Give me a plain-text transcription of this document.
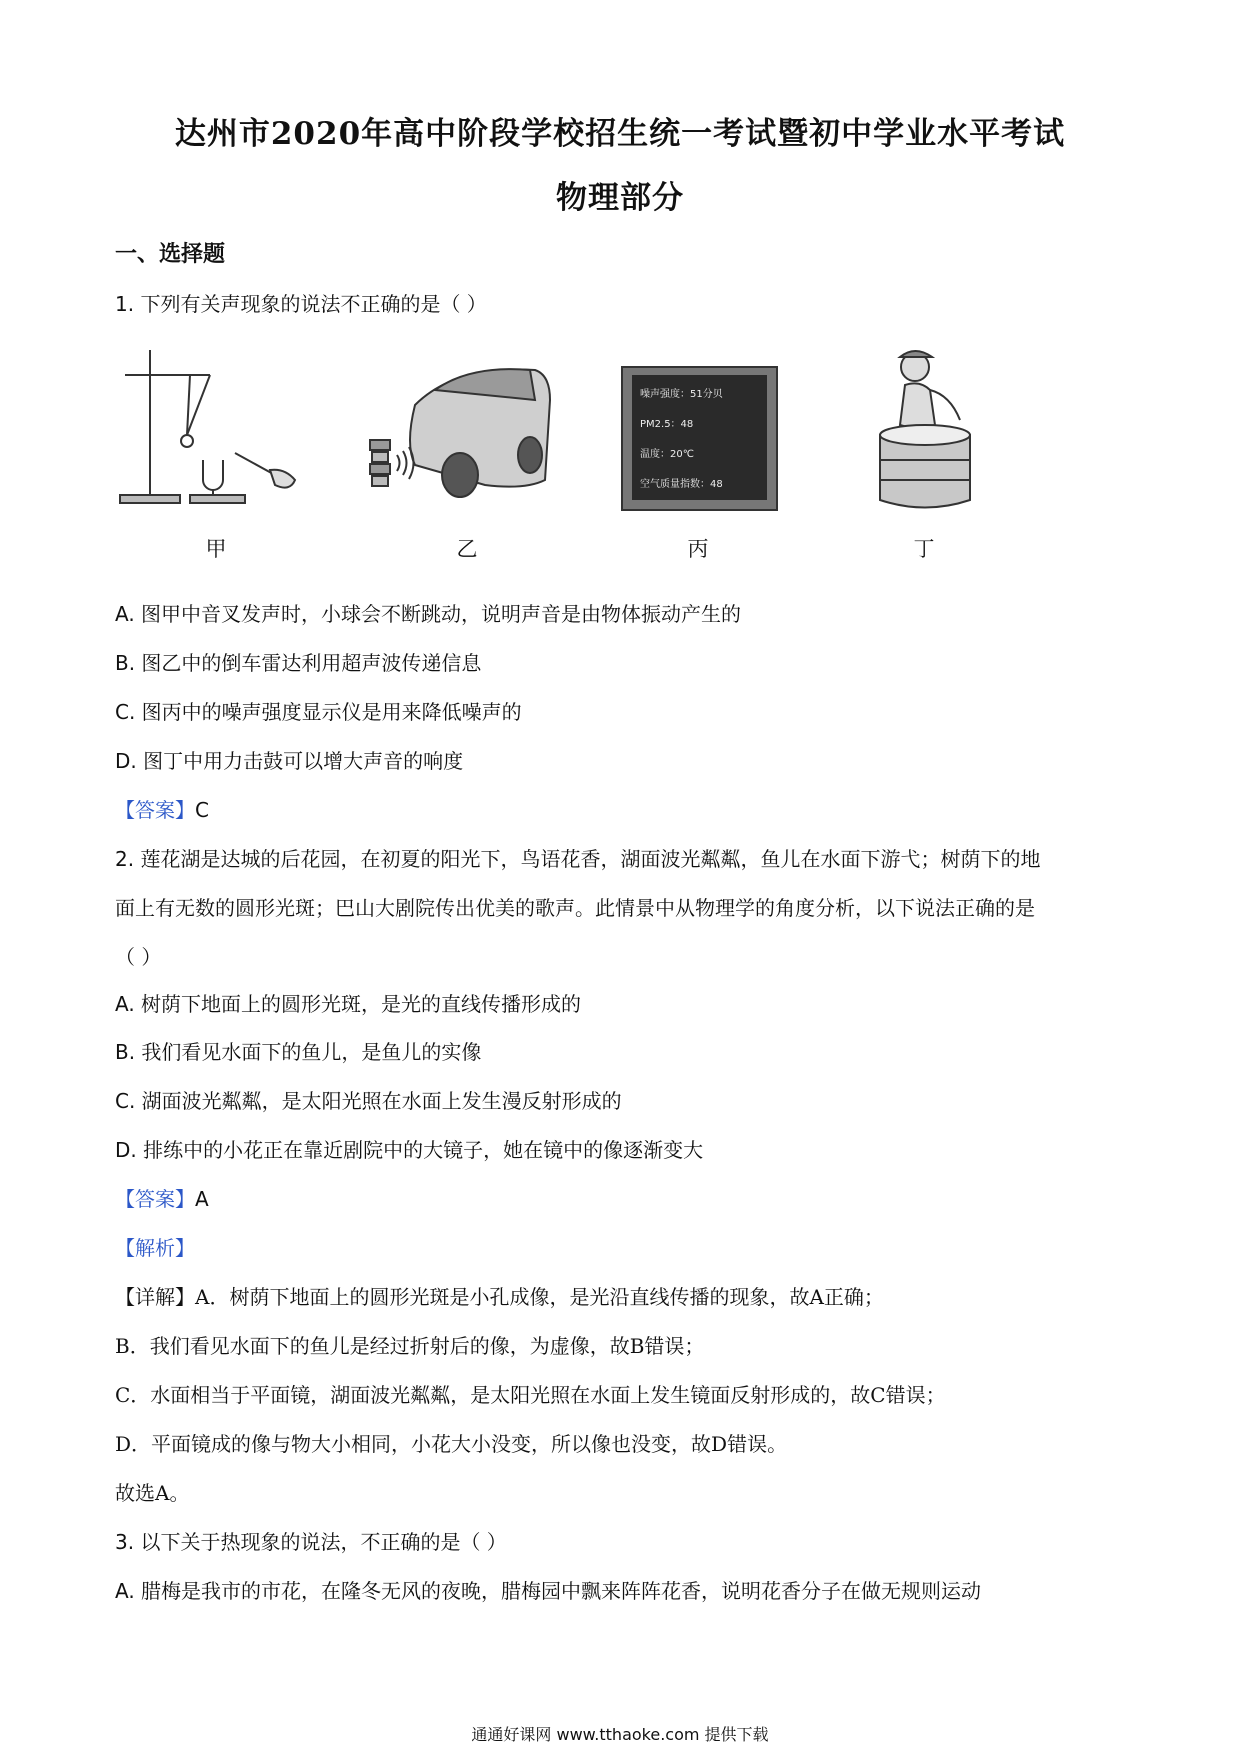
达州市2020年高中阶段学校招生统一考试暨初中学业水平考试
物理部分
一、选择题
1. 下列有关声现象的说法不正确的是（ ）
甲	乙
噪声强度：51分贝
PM2.5：48
温度：20℃
空气质量指数：48
丙	丁
A. 图甲中音叉发声时，小球会不断跳动，说明声音是由物体振动产生的
B. 图乙中的倒车雷达利用超声波传递信息
C. 图丙中的噪声强度显示仪是用来降低噪声的
D. 图丁中用力击鼓可以增大声音的响度
【答案】C
2. 莲花湖是达城的后花园，在初夏的阳光下，鸟语花香，湖面波光粼粼，鱼儿在水面下游弋；树荫下的地
面上有无数的圆形光斑；巴山大剧院传出优美的歌声。此情景中从物理学的角度分析，以下说法正确的是
（ ）
A. 树荫下地面上的圆形光斑，是光的直线传播形成的
B. 我们看见水面下的鱼儿，是鱼儿的实像
C. 湖面波光粼粼，是太阳光照在水面上发生漫反射形成的
D. 排练中的小花正在靠近剧院中的大镜子，她在镜中的像逐渐变大
【答案】A
【解析】
【详解】A．树荫下地面上的圆形光斑是小孔成像，是光沿直线传播的现象，故A正确；
B．我们看见水面下的鱼儿是经过折射后的像，为虚像，故B错误；
C．水面相当于平面镜，湖面波光粼粼，是太阳光照在水面上发生镜面反射形成的，故C错误；
D．平面镜成的像与物大小相同，小花大小没变，所以像也没变，故D错误。
故选A。
3. 以下关于热现象的说法，不正确的是（ ）
A. 腊梅是我市的市花，在隆冬无风的夜晚，腊梅园中飘来阵阵花香，说明花香分子在做无规则运动
通通好课网 www.tthaoke.com 提供下载
